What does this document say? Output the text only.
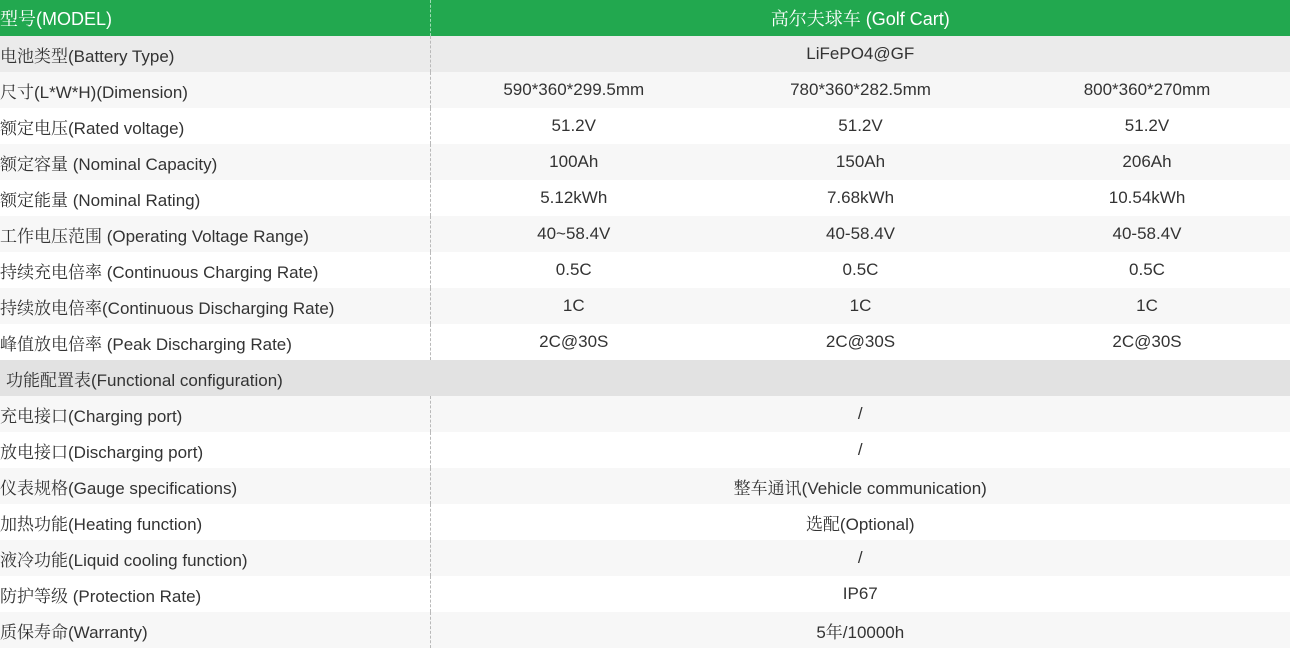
型号(MODEL)	高尔夫球车 (Golf Cart)		
电池类型(Battery Type)	LiFePO4@GF		
尺寸(L*W*H)(Dimension)	590*360*299.5mm	780*360*282.5mm	800*360*270mm
额定电压(Rated voltage)	51.2V	51.2V	51.2V
额定容量 (Nominal Capacity)	100Ah	150Ah	206Ah
额定能量 (Nominal Rating)	5.12kWh	7.68kWh	10.54kWh
工作电压范围 (Operating Voltage Range)	40~58.4V	40-58.4V	40-58.4V
持续充电倍率 (Continuous Charging Rate)	0.5C	0.5C	0.5C
持续放电倍率(Continuous Discharging Rate)	1C	1C	1C
峰值放电倍率 (Peak Discharging Rate)	2C@30S	2C@30S	2C@30S
功能配置表(Functional configuration)			
充电接口(Charging port)	/		
放电接口(Discharging port)	/		
仪表规格(Gauge specifications)	整车通讯(Vehicle communication)		
加热功能(Heating function)	选配(Optional)		
液冷功能(Liquid cooling function)	/		
防护等级 (Protection Rate)	IP67		
质保寿命(Warranty)	5年/10000h		
